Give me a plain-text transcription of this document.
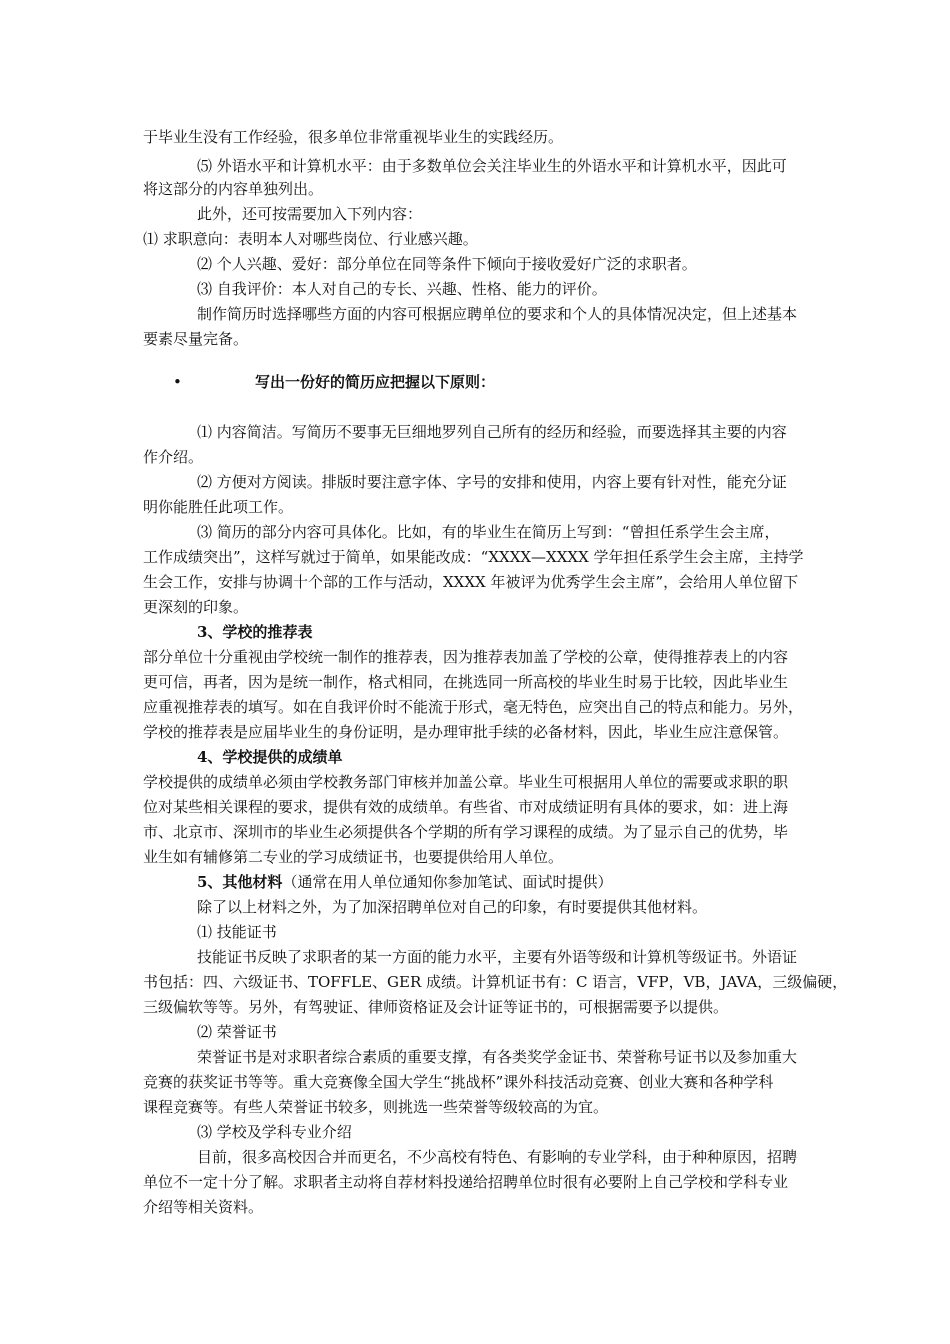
于毕业生没有工作经验，很多单位非常重视毕业生的实践经历。
⑸ 外语水平和计算机水平：由于多数单位会关注毕业生的外语水平和计算机水平，因此可
将这部分的内容单独列出。
此外，还可按需要加入下列内容：
⑴ 求职意向：表明本人对哪些岗位、行业感兴趣。
⑵ 个人兴趣、爱好：部分单位在同等条件下倾向于接收爱好广泛的求职者。
⑶ 自我评价：本人对自己的专长、兴趣、性格、能力的评价。
制作简历时选择哪些方面的内容可根据应聘单位的要求和个人的具体情况决定，但上述基本
要素尽量完备。
•	写出一份好的简历应把握以下原则：
⑴ 内容简洁。写简历不要事无巨细地罗列自己所有的经历和经验，而要选择其主要的内容
作介绍。
⑵ 方便对方阅读。排版时要注意字体、字号的安排和使用，内容上要有针对性，能充分证
明你能胜任此项工作。
⑶ 简历的部分内容可具体化。比如，有的毕业生在简历上写到：“曾担任系学生会主席，
工作成绩突出”，这样写就过于简单，如果能改成：“XXXX—XXXX 学年担任系学生会主席，主持学
生会工作，安排与协调十个部的工作与活动，XXXX 年被评为优秀学生会主席”，会给用人单位留下
更深刻的印象。
3、学校的推荐表
部分单位十分重视由学校统一制作的推荐表，因为推荐表加盖了学校的公章，使得推荐表上的内容
更可信，再者，因为是统一制作，格式相同，在挑选同一所高校的毕业生时易于比较，因此毕业生
应重视推荐表的填写。如在自我评价时不能流于形式，毫无特色，应突出自己的特点和能力。另外，
学校的推荐表是应届毕业生的身份证明，是办理审批手续的必备材料，因此，毕业生应注意保管。
4、学校提供的成绩单
学校提供的成绩单必须由学校教务部门审核并加盖公章。毕业生可根据用人单位的需要或求职的职
位对某些相关课程的要求，提供有效的成绩单。有些省、市对成绩证明有具体的要求，如：进上海
市、北京市、深圳市的毕业生必须提供各个学期的所有学习课程的成绩。为了显示自己的优势，毕
业生如有辅修第二专业的学习成绩证书，也要提供给用人单位。
5、其他材料（通常在用人单位通知你参加笔试、面试时提供）
除了以上材料之外，为了加深招聘单位对自己的印象，有时要提供其他材料。
⑴ 技能证书
技能证书反映了求职者的某一方面的能力水平，主要有外语等级和计算机等级证书。外语证
书包括：四、六级证书、TOFFLE、GER 成绩。计算机证书有：C 语言，VFP，VB，JAVA，三级偏硬，
三级偏软等等。另外，有驾驶证、律师资格证及会计证等证书的，可根据需要予以提供。
⑵ 荣誉证书
荣誉证书是对求职者综合素质的重要支撑，有各类奖学金证书、荣誉称号证书以及参加重大
竞赛的获奖证书等等。重大竞赛像全国大学生“挑战杯”课外科技活动竞赛、创业大赛和各种学科
课程竞赛等。有些人荣誉证书较多，则挑选一些荣誉等级较高的为宜。
⑶ 学校及学科专业介绍
目前，很多高校因合并而更名，不少高校有特色、有影响的专业学科，由于种种原因，招聘
单位不一定十分了解。求职者主动将自荐材料投递给招聘单位时很有必要附上自己学校和学科专业
介绍等相关资料。
